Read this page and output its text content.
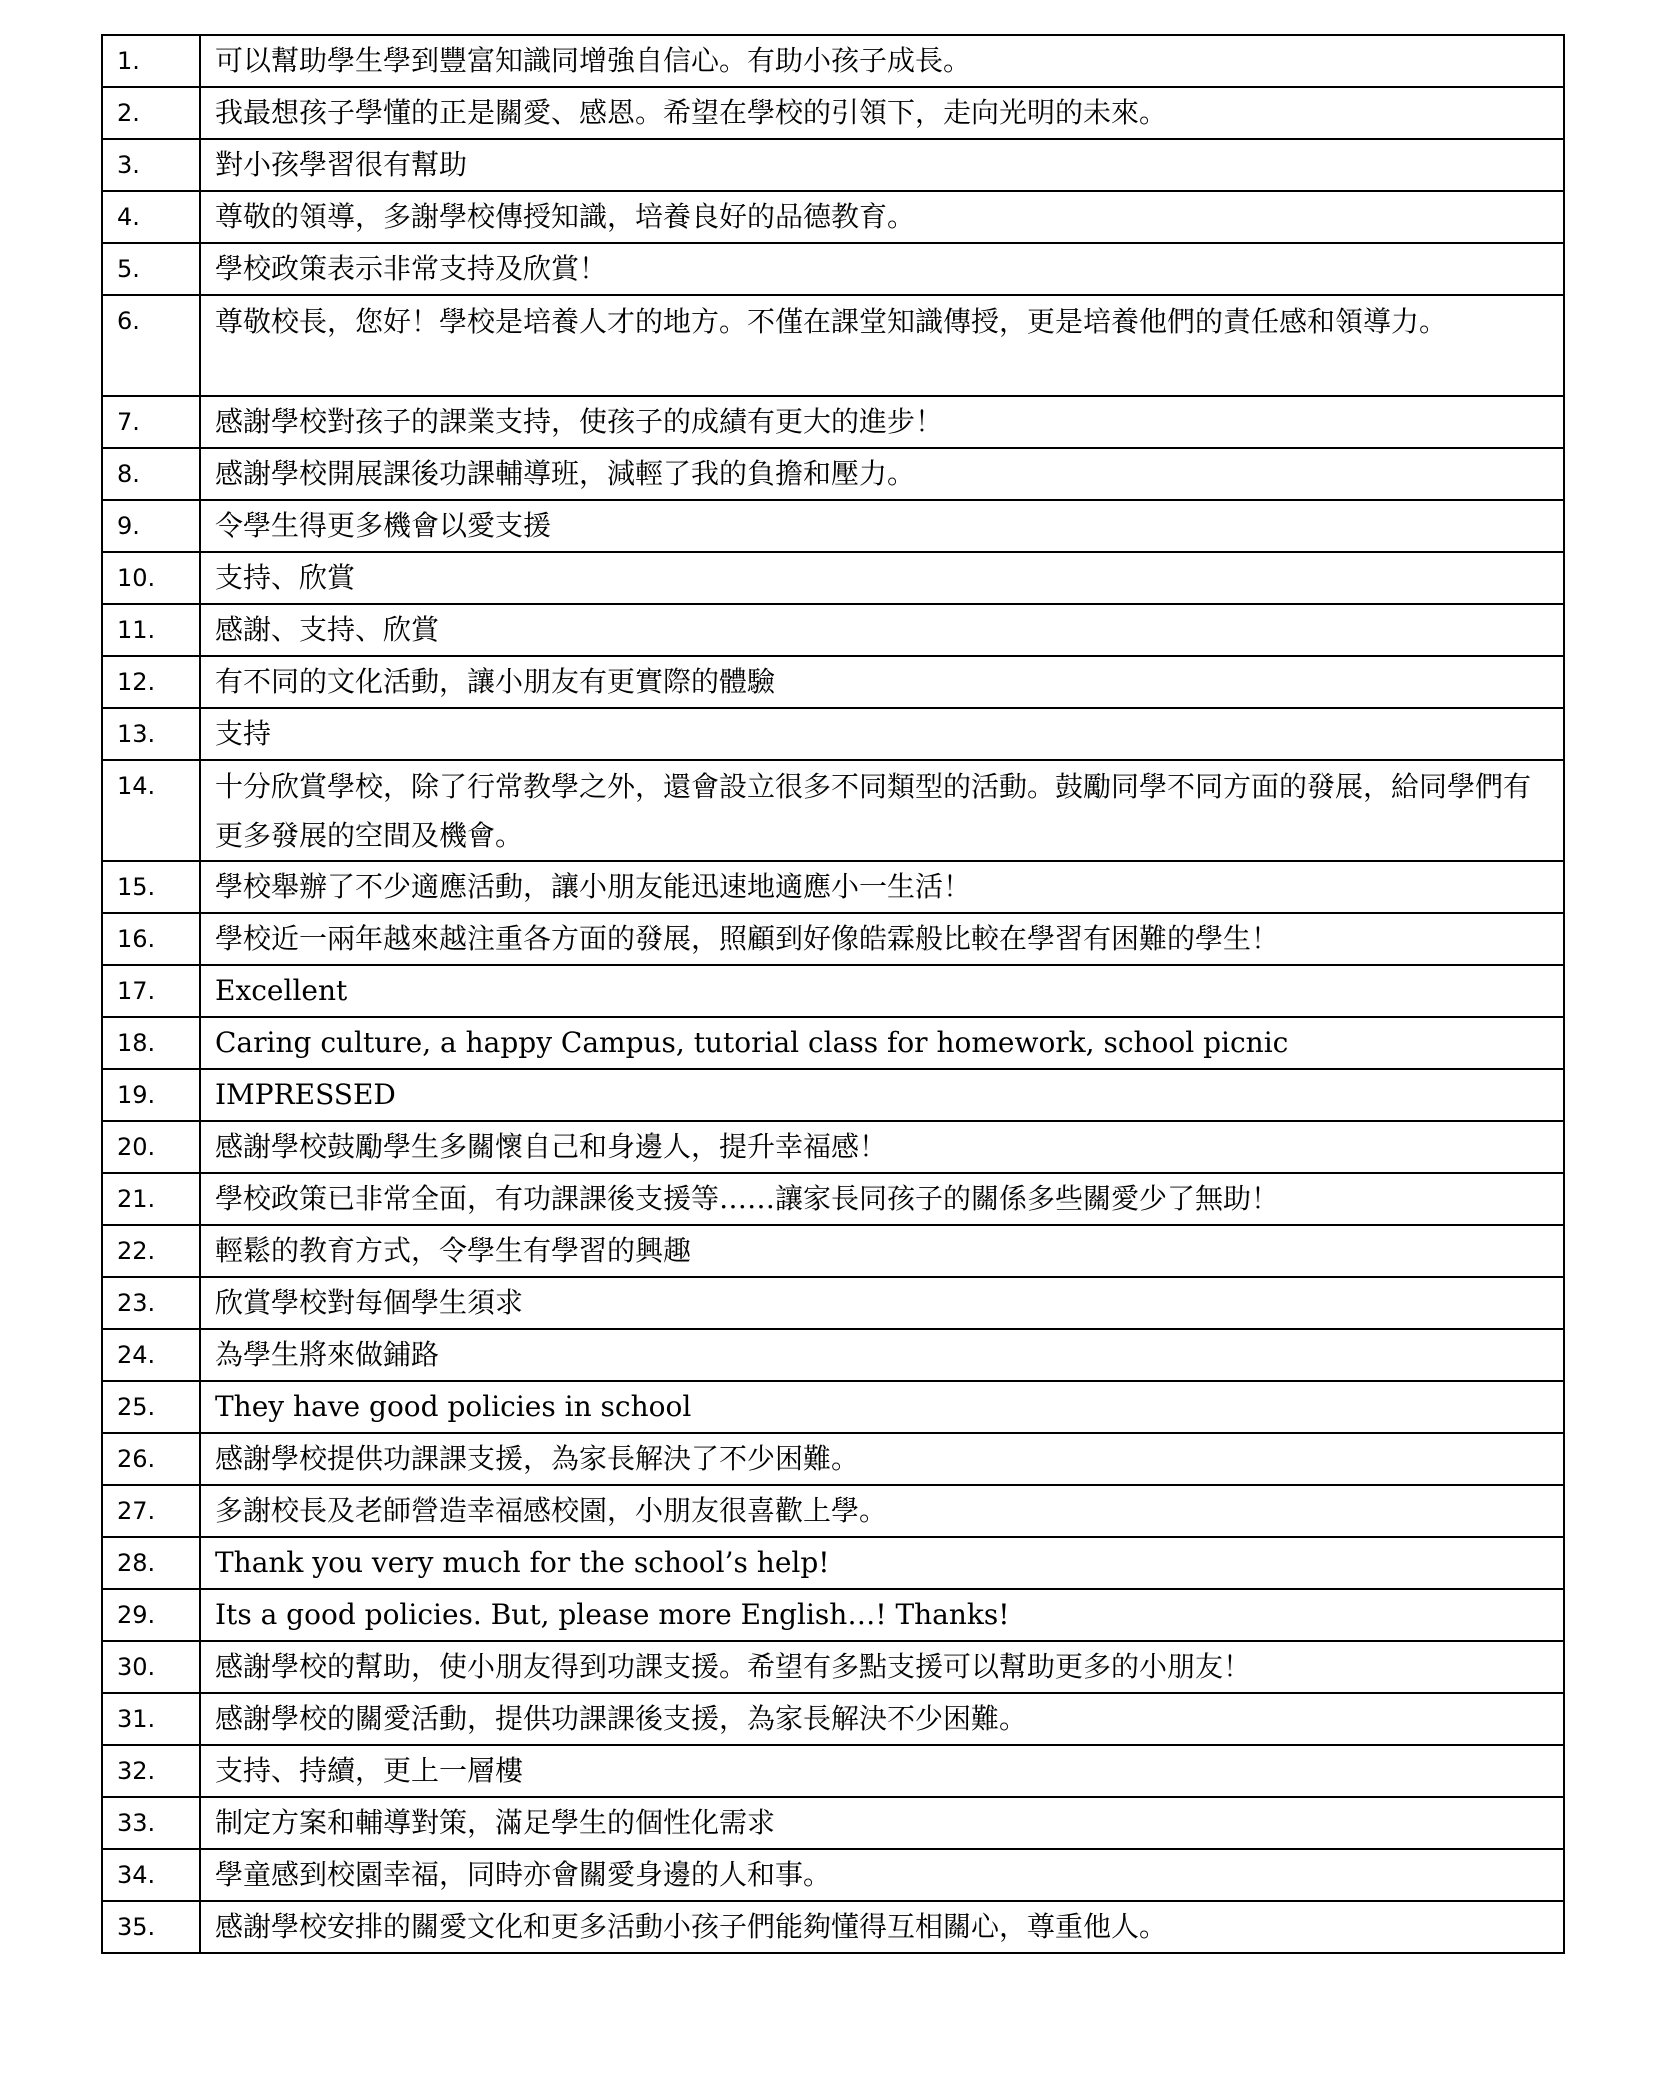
1.	可以幫助學生學到豐富知識同增強自信心。有助小孩子成長。
2.	我最想孩子學懂的正是關愛、感恩。希望在學校的引領下，走向光明的未來。
3.	對小孩學習很有幫助
4.	尊敬的領導，多謝學校傳授知識，培養良好的品德教育。
5.	學校政策表示非常支持及欣賞！
6.	尊敬校長，您好！學校是培養人才的地方。不僅在課堂知識傳授，更是培養他們的責任感和領導力。
7.	感謝學校對孩子的課業支持，使孩子的成績有更大的進步！
8.	感謝學校開展課後功課輔導班，減輕了我的負擔和壓力。
9.	令學生得更多機會以愛支援
10.	支持、欣賞
11.	感謝、支持、欣賞
12.	有不同的文化活動，讓小朋友有更實際的體驗
13.	支持
14.	十分欣賞學校，除了行常教學之外，還會設立很多不同類型的活動。鼓勵同學不同方面的發展，給同學們有更多發展的空間及機會。
15.	學校舉辦了不少適應活動，讓小朋友能迅速地適應小一生活！
16.	學校近一兩年越來越注重各方面的發展，照顧到好像皓霖般比較在學習有困難的學生！
17.	Excellent
18.	Caring culture, a happy Campus, tutorial class for homework, school picnic
19.	IMPRESSED
20.	感謝學校鼓勵學生多關懷自己和身邊人，提升幸福感！
21.	學校政策已非常全面，有功課課後支援等……讓家長同孩子的關係多些關愛少了無助！
22.	輕鬆的教育方式，令學生有學習的興趣
23.	欣賞學校對每個學生須求
24.	為學生將來做鋪路
25.	They have good policies in school
26.	感謝學校提供功課課支援，為家長解決了不少困難。
27.	多謝校長及老師營造幸福感校園，小朋友很喜歡上學。
28.	Thank you very much for the school’s help!
29.	Its a good policies. But, please more English…! Thanks!
30.	感謝學校的幫助，使小朋友得到功課支援。希望有多點支援可以幫助更多的小朋友！
31.	感謝學校的關愛活動，提供功課課後支援，為家長解決不少困難。
32.	支持、持續，更上一層樓
33.	制定方案和輔導對策，滿足學生的個性化需求
34.	學童感到校園幸福，同時亦會關愛身邊的人和事。
35.	感謝學校安排的關愛文化和更多活動小孩子們能夠懂得互相關心，尊重他人。
